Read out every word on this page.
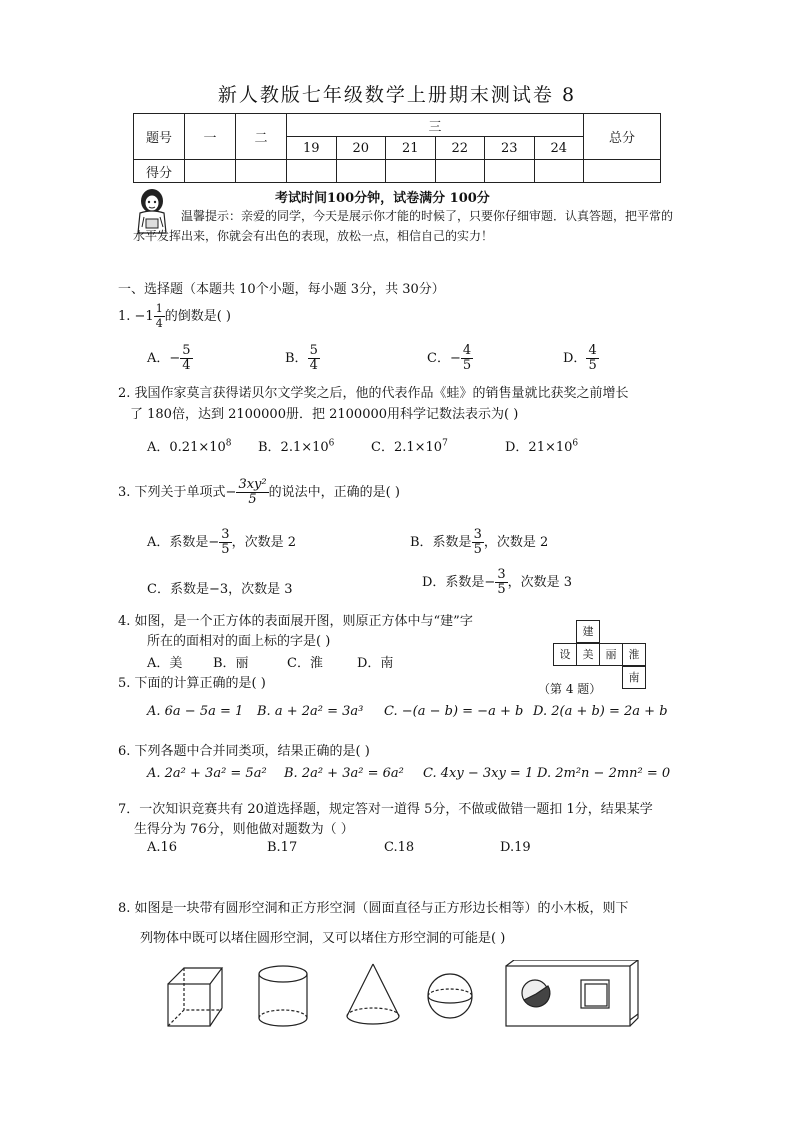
新人教版七年级数学上册期末测试卷 8
题号	一	二	三						总分
			19	20	21	22	23	24	
得分									
考试时间100分钟，试卷满分 100分
温馨提示：亲爱的同学，今天是展示你才能的时候了，只要你仔细审题．认真答题，把平常的水平发挥出来，你就会有出色的表现，放松一点，相信自己的实力！
一、选择题（本题共 10个小题，每小题 3分，共 30分）
1. $-1 \frac{1}{4}$ 的倒数是( )
A．− $\frac{5}{4}$	B． $\frac{5}{4}$	C．− $\frac{4}{5}$	D． $\frac{4}{5}$
2. 我国作家莫言获得诺贝尔文学奖之后，他的代表作品《蛙》的销售量就比获奖之前增长
了 180倍，达到 2100000册．把 2100000用科学记数法表示为( )
A．$0.21\times 10^8$ B．$2.1\times 10^6$	C．$2.1\times 10^7$	D．$21\times 10^6$
3. 下列关于单项式− $\frac{\text{3xy²}}{5}$ 的说法中，正确的是( )
A．系数是− $\frac{3}{5}$ ，次数是 2	B．系数是 $\frac{3}{5}$ ，次数是 2
C．系数是−3，次数是 3	D．系数是− $\frac{3}{5}$ ，次数是 3
4. 如图，是一个正方体的表面展开图，则原正方体中与“建”字
所在的面相对的面上标的字是( )
A．美 B．丽	C．淮	D．南
建
设	美	丽	淮
南
（第 4 题）
5. 下面的计算正确的是( )
A. 6a − 5a = 1 B. a + 2a² = 3a³ C. −(a − b) = −a + b D. 2(a + b) = 2a + b
6. 下列各题中合并同类项，结果正确的是( )
A. 2a² + 3a² = 5a² B. 2a² + 3a² = 6a² C. 4xy − 3xy = 1 D. 2m²n − 2mn² = 0
7．一次知识竞赛共有 20道选择题，规定答对一道得 5分，不做或做错一题扣 1分，结果某学
生得分为 76分，则他做对题数为（ ）
A.16	B.17	C.18	D.19
8. 如图是一块带有圆形空洞和正方形空洞（圆面直径与正方形边长相等）的小木板，则下
列物体中既可以堵住圆形空洞，又可以堵住方形空洞的可能是( )
